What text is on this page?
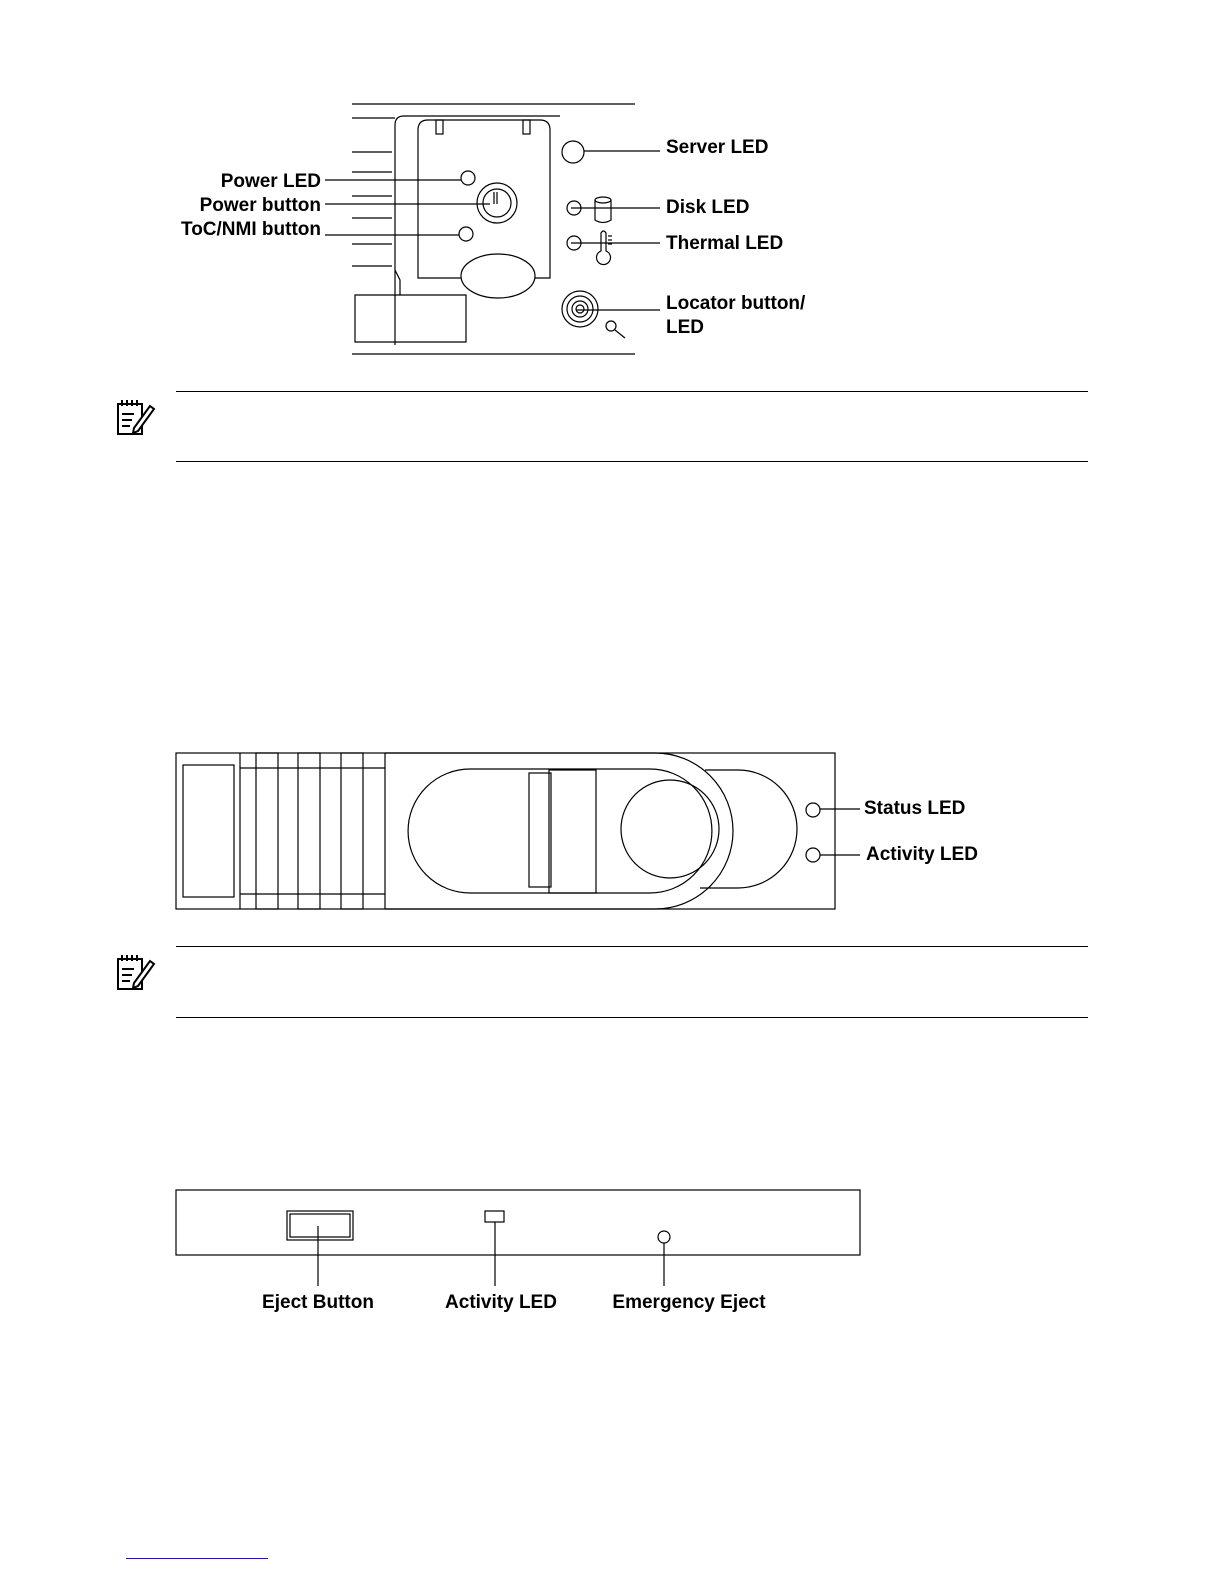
Power LED
Power button
ToC/NMI button
Server LED
Disk LED
Thermal LED
Locator button/
LED
Status LED
Activity LED
Eject Button	Activity LED	Emergency Eject
